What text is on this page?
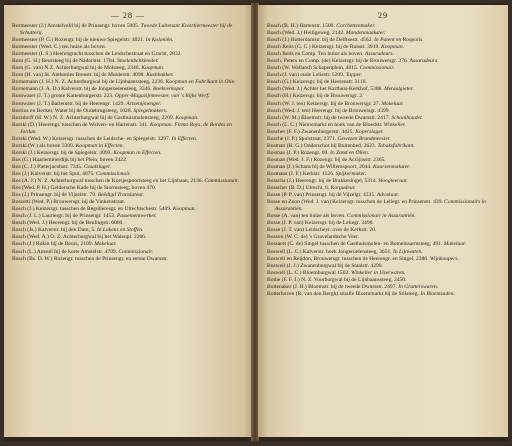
— 28 —

Bormeester (J.) Amstelveld bij de Prinsengr. boven 5005. Tweede Luitenant Kwartiermeester bij de Schutterij.

Bormeester (P. G.) Rozengr. bij de nieuwe Spiegelstr. 4021. In Koloniën.

Bormeester (Wed. C.) ten huize als boven.

Bormeester (I. S.) Heerengracht tusschen de Leidschestraat en Gracht, 2832.

Born (G. H.) Beursteeg bij de Nadorstst. 1704. Stoelenbehkleeder.

Born (G. van) N.Z. Achterburgwal bij de Molsteeg, 2346. Koopman.

Born (H. van) St. Anthonies Breestr. bij de Muiderstr. 4098. Kashbakker.

Bornemann (J. H.) N. Z. Achterburgwal bij de Lijnbaanssteeg, 2236. Koopman en Fabrikant in Olie.

Bornemann (J. A. D.) Kalverstr. bij de Jongeroelensteeg, 3346. Boekverkoper.

Bornwater (J. T.) groote Kattenburgerstr. 223. Opper-Magazijnmeester, van 's Rijks Werf.

Bornwater (J. T.) Bartentstr. bij de Heerengr. 1429. Artsenijmenger.

Borrius en Becker, Water bij de Oudebrugsteeg, 1028. Spiegelmakers.

Borzdorff (H. W.) N. Z. Achterburgwal bij de Gasthuismolensteeg, 2209. Koopman.

Borski (D.) Heerengr. tusschen de Wolven- en Hartenstr. 341. Koopman. Firma Boys, de Bordes en Jordan.

Borski (Wed. W.) Keizersgr. tusschen de Leidsche- en Spiegelstr. 3297. In Effecten.

Borski (W.) als boven 3309. Koopman in Effecten.

Borski (J.) Keizersgr. bij de Spiegelstr. 4093. Koopman in Effecten.

Bos (G.) Haarlemmerdijk bij het Plein, boven 2422.

Bos (C. J.) Pieterjacobstr. 7345. Goudslager.

Bos (J.) Kalverstr. bij het Spui, 4075. Commissionair.

Bos (A. J.) N. Z. Achterburgwal tusschen de Korsjespoortsteeg en het Lijnbaan, 2136. Commissionair.

Bos (Wed. P. H.) Geldersche Kade bij de Stormsteeg, boven 470.

Bos (J.) Prinsengr. bij de Vijzelstr. 79. Beëdigd Translateur.

Boscetti (Wed. P.) Brouwersgr. bij de Vinkenstraat.

Bosch (J.) Keizersgr. tusschen de Regulieresgr. en Utrechtschestr. 5409. Koopman.

Bosch (J. L.) Lauriergr. bij de Prinsengr. 1453. Passementwerker.

Bosch (Wed. J.) Heerengr. bij de Beulingstr. 6060.

Bosch (Js.) Kalverstr. bij den Dam, 5. In Lakens en Stoffen.

Bosch (Wed. A.) O. Z. Achterburgwal bij het Walenpl. 2286.

Bosch (J.) Rokin bij de Beurs, 2109. Makelaar.

Bosch (L.) Amstel bij de korte Amstelstr. 4709. Commissionair.

Bosch (Bs. D. W.) Rozengr. tusschen de Prinsengr. en eerste Dwarsstr.

29

Bosch (B. H.) Hartenstr. 1500. Corchettenmaker.

Bosch (Wed. J.) Heiligeweg, 2142. Mandenmaakster.

Bosch (J.) Rotterdamstr. bij de Delftsestr. 4562. In Patent en Roopolis.

Bosch Reits (G. C.) Keizersgr. bij de Runstr. 3919. Koopman.

Bosch Reits en Comp. Ten huize als boven. Assuradeurs.

Bosch, Peters en Comp. (de) Keizersgr. bij de Brouwersgr. 376. Assuradeurs.

Bosch (W. Walland) Schapenplein, 4015. Commissionair.

Bosch (J. van) oude Leliestr. 5209. Tapper.

Bosch (G.) Keizersgr. bij de Heerenstr. 3116.

Bosch (Wed. J.) Achter het Karthuis-Kerkhof, 5308. Metaalgieter.

Bosch (H.) Keizersgr. bij de Brouwersgr. 2.

Bosch (W. J. ten) Keizersgr. bij de Brouwersgr. 27. Makelaar.

Bosch (Wed. J. ten) Heerengr. bij de Brouwersgr. 4399.

Bosch (W. M.) Bloemstr. bij de tweede Dwarsstr. 2417. Schoolhouder.

Bosch (L. C.) Nieuwmarkt en hoek van de Bloedstr. Winkelier.

Boscher (F. F.) Zwanenburgerstr. 4425. Koperslager.

Bosche (J. P.) Spuistraat, 2371. Gewezen Brandmeester.

Bosman (H. G.) Onderschot bij Buitenbed, 2623. Tabaksfabrikant.

Bosman (J. P.) Rozengr. 69. In Zand en Olien.

Bosman (Wed. J. F.) Rozengr. bij de Accijnsstr. 2365.

Bosman (J.) Schans bij de Willemspoort, 2044. Kaarsenmakster.

Bosmans (J. F.) Kerkstr. 1526. Spijkermaker.

Bosscha (J.) Heerengr. bij de Brakkesingel, 5314. Hoogleeraar.

Bosscher (B. D.) Utrecht, 6. Korgadeur.

Bosse (P. P. van) Prinsengr. bij de Vijzelgr. 4335. Advokaat.

Bosse en Zoon (Wed. J. van) Keizersgr. tusschen de Leliegr. en Prinsenstr. 439. Commissionairs in Assurantiën.

Bosse (A. van) ten huize als boven. Commissionair in Assurantiën.

Bosse (J. P. van) Keizersgr. bij de Leliegr. 3490.

Bosse (J. T. van) Leidscheyr. over de Kerkstr. 20.

Bosson (W. C. de) 's Gravelandsche Veer.

Bossaert (C. de) Singel tusschen de Gasthuismolen- en Romeinsarmsteeg, 491. Makelaar.

Boswell (L. C.) Kalverstr. hoek Jongeroelensteeg, 3651. In Lijnwaten.

Boswell en Reijdon, Brouwersgr. tusschen de Heerengr. en Singel, 2388. Wijnkoopers.

Boswell (J. J.) Zwanenburgwal bij de Staalstr. 4290.

Boswell (L. C.) Bloemburgwal 1502. Winkelier in IJzerwaren.

Bothe (F. F. J.) N. Z. Voorburgwal bij de Lijnbaanssteeg, 2450.

Bottenaker (J. H.) Bloemstr. bij de tweede Dwarsstr. 2497. In Grutterswaren.

Botterhoven (R. van den Bergh) smalle Bloemmarkt bij de Stilsteeg. In Bloemzaden.
